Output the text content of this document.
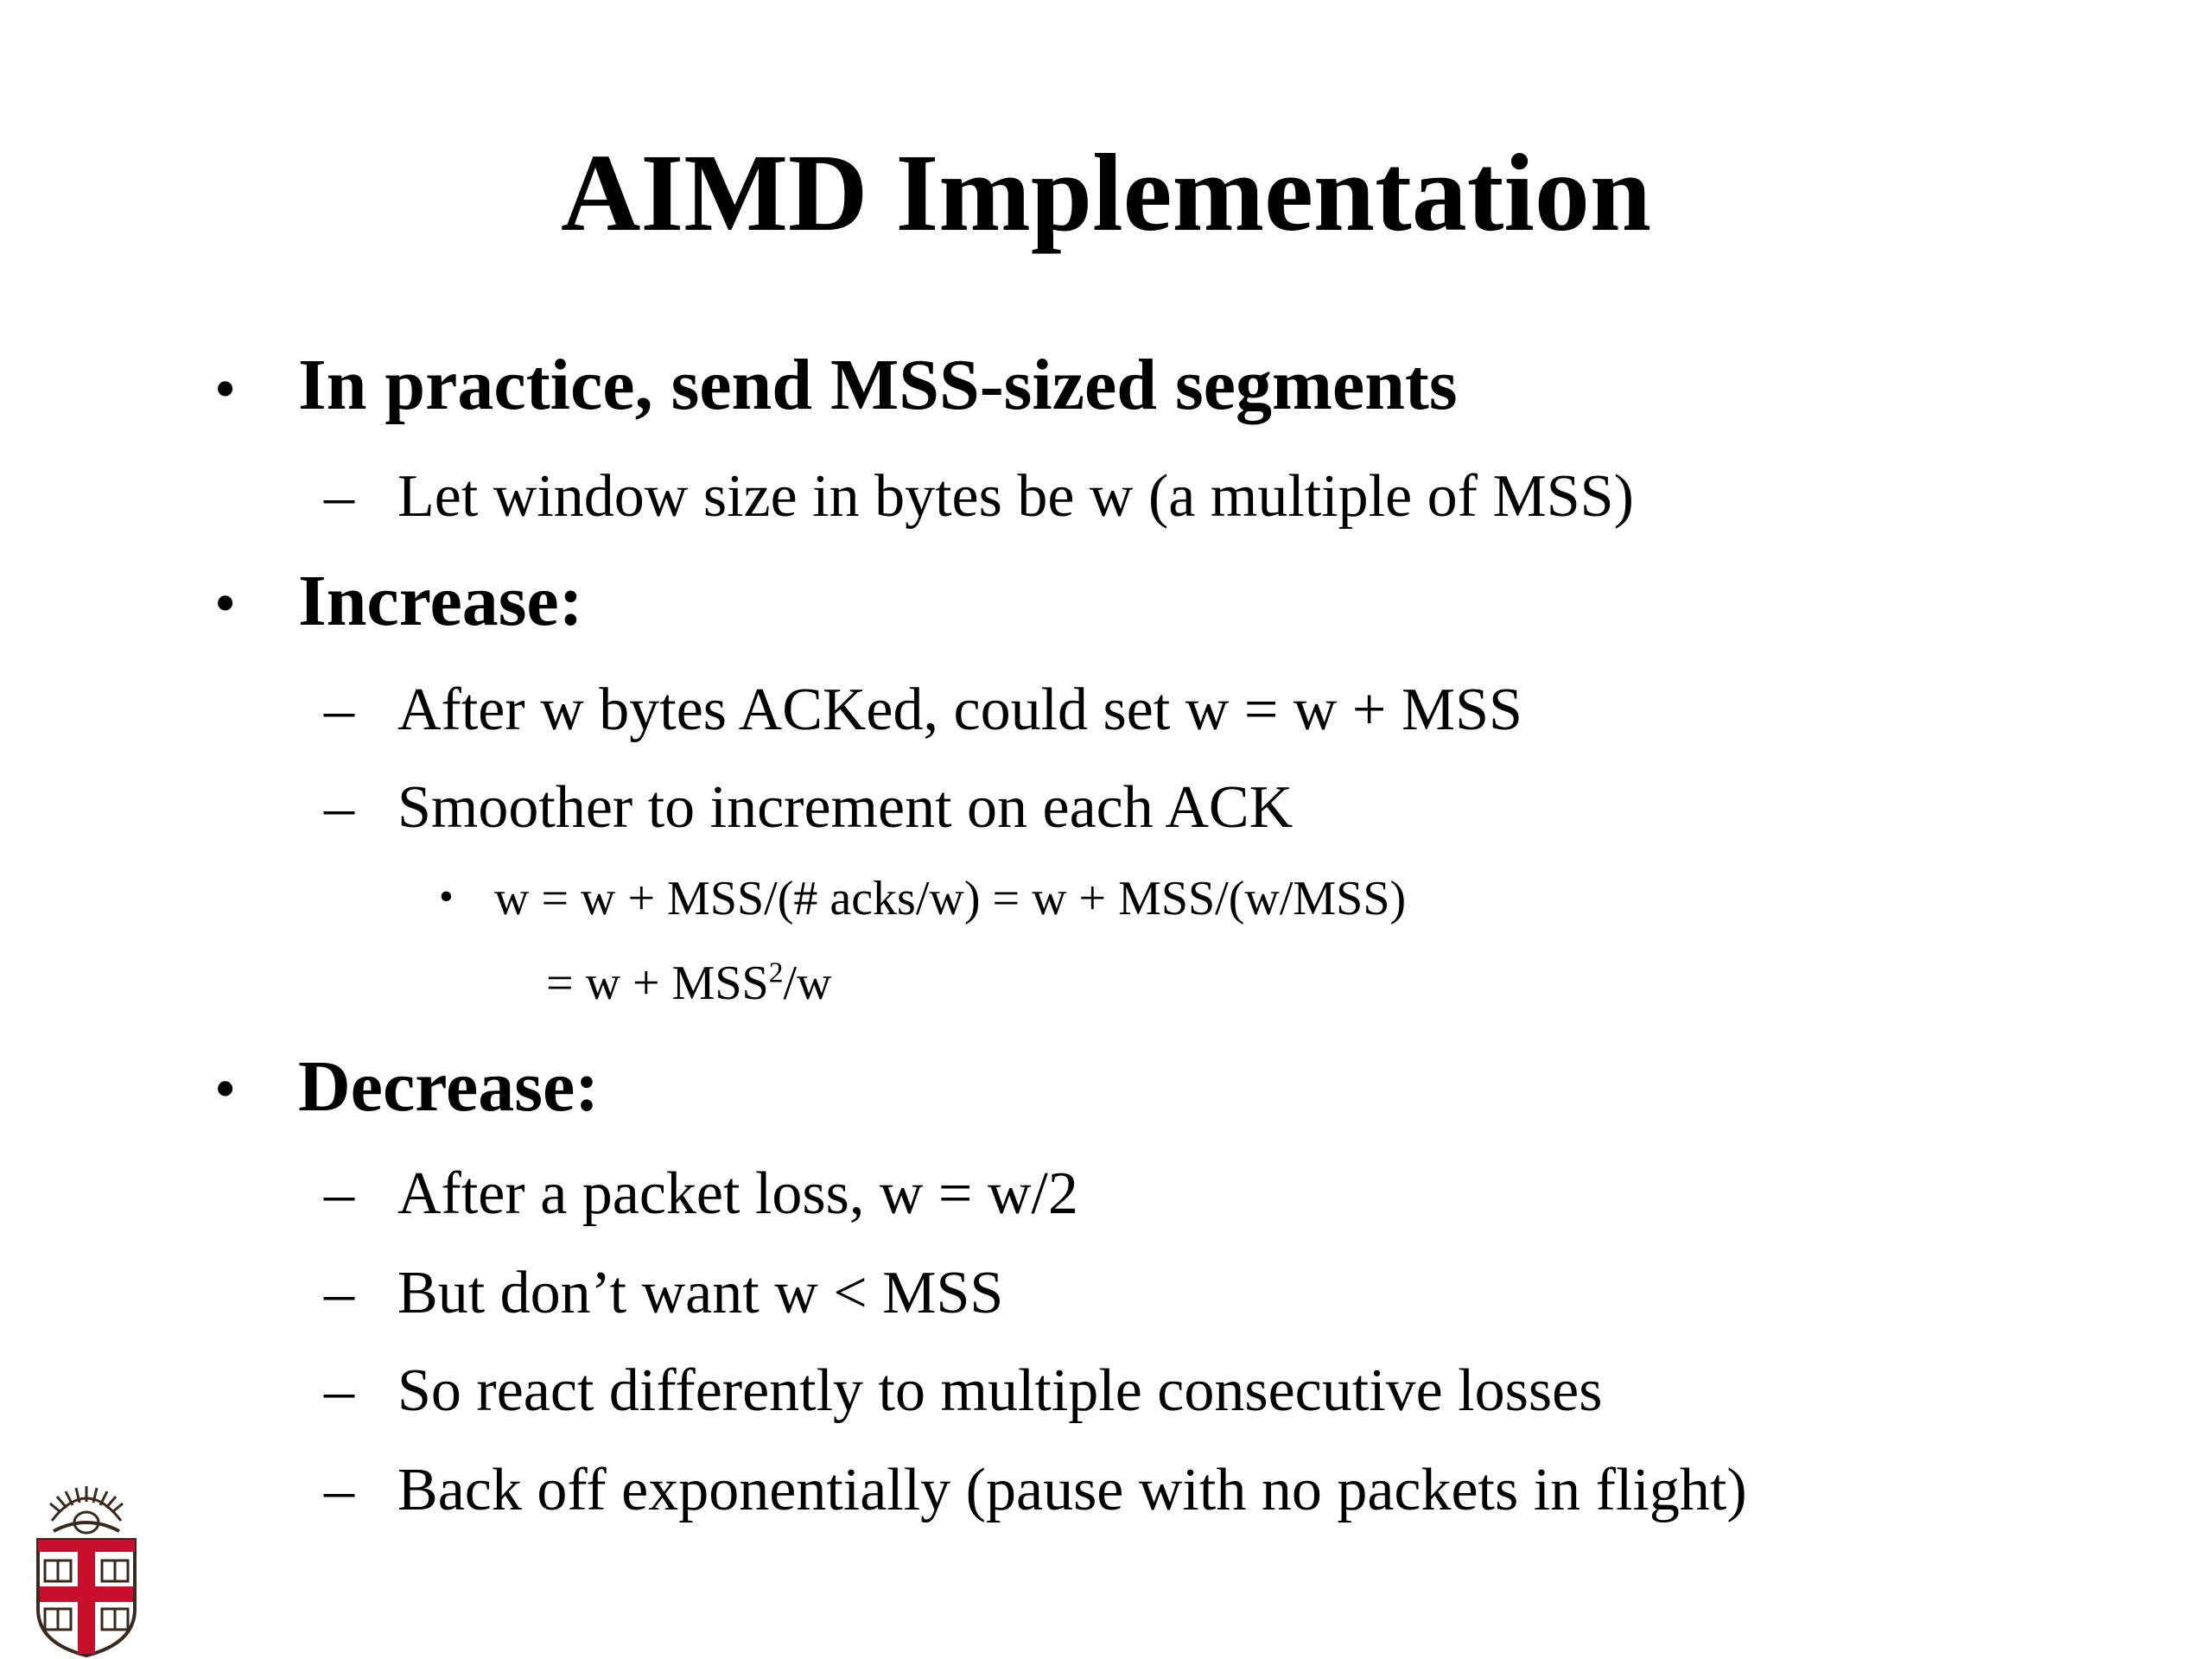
AIMD Implementation
• In practice, send MSS-sized segments
– Let window size in bytes be w (a multiple of MSS)
• Increase:
– After w bytes ACKed, could set w = w + MSS
– Smoother to increment on each ACK
• w = w + MSS/(# acks/w) = w + MSS/(w/MSS)
= $w + MSS^2/w$
• Decrease:
– After a packet loss, w = w/2
– But don’t want w < MSS
– So react differently to multiple consecutive losses
– Back off exponentially (pause with no packets in flight)
